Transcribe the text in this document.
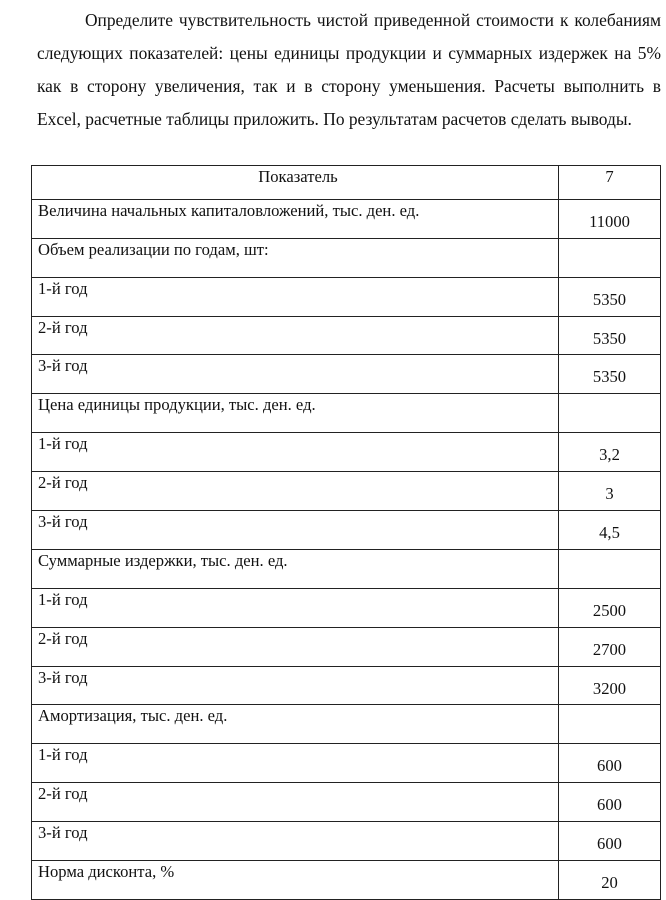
Определите чувствительность чистой приведенной стоимости к колебаниям следующих показателей: цены единицы продукции и суммарных издержек на 5% как в сторону увеличения, так и в сторону уменьшения. Расчеты выполнить в Excel, расчетные таблицы приложить. По результатам расчетов сделать выводы.

Показатель	7
Величина начальных капиталовложений, тыс. ден. ед.	11000
Объем реализации по годам, шт:	
1-й год	5350
2-й год	5350
3-й год	5350
Цена единицы продукции, тыс. ден. ед.	
1-й год	3,2
2-й год	3
3-й год	4,5
Суммарные издержки, тыс. ден. ед.	
1-й год	2500
2-й год	2700
3-й год	3200
Амортизация, тыс. ден. ед.	
1-й год	600
2-й год	600
3-й год	600
Норма дисконта, %	20
